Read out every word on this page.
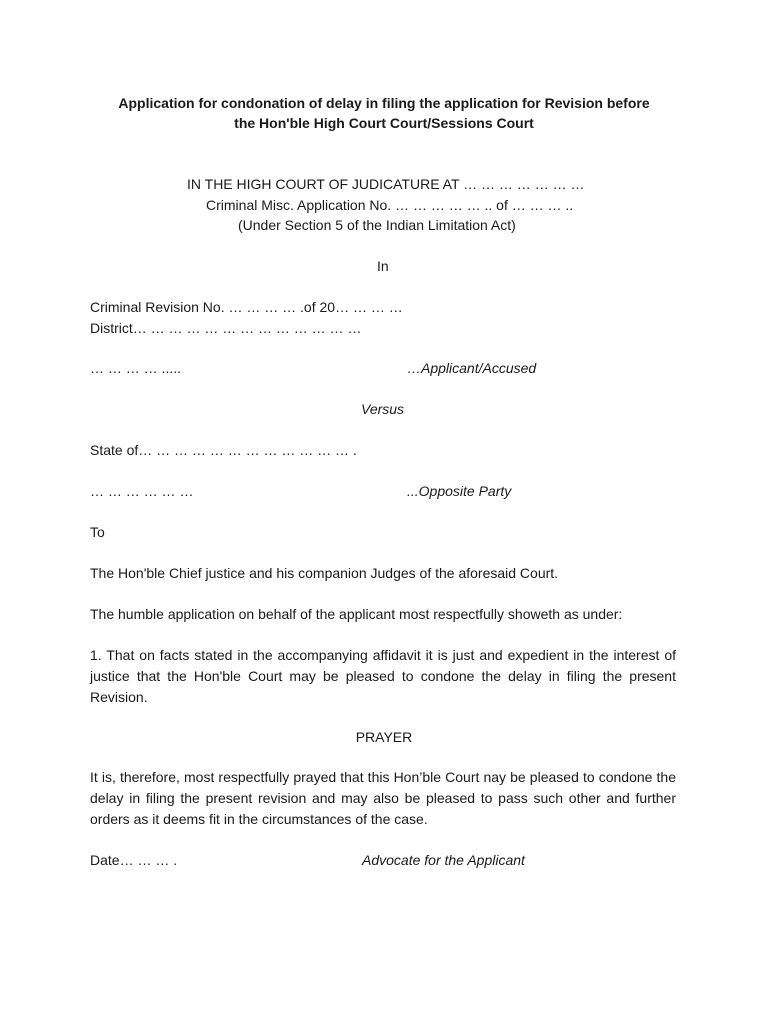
Application for condonation of delay in filing the application for Revision before
the Hon'ble High Court Court/Sessions Court
IN THE HIGH COURT OF JUDICATURE AT … … … … … … …
Criminal Misc. Application No. … … … … … .. of … … … ..
(Under Section 5 of the Indian Limitation Act)
In
Criminal Revision No. … … … … .of 20… … … …
District… … … … … … … … … … … … …
… … … … .....	…Applicant/Accused
Versus
State of… … … … … … … … … … … … .
… … … … … …	...Opposite Party
To
The Hon'ble Chief justice and his companion Judges of the aforesaid Court.
The humble application on behalf of the applicant most respectfully showeth as under:
1. That on facts stated in the accompanying affidavit it is just and expedient in the interest of justice that the Hon'ble Court may be pleased to condone the delay in filing the present Revision.
PRAYER
It is, therefore, most respectfully prayed that this Hon’ble Court nay be pleased to condone the delay in filing the present revision and may also be pleased to pass such other and further orders as it deems fit in the circumstances of the case.
Date… … … .	Advocate for the Applicant
